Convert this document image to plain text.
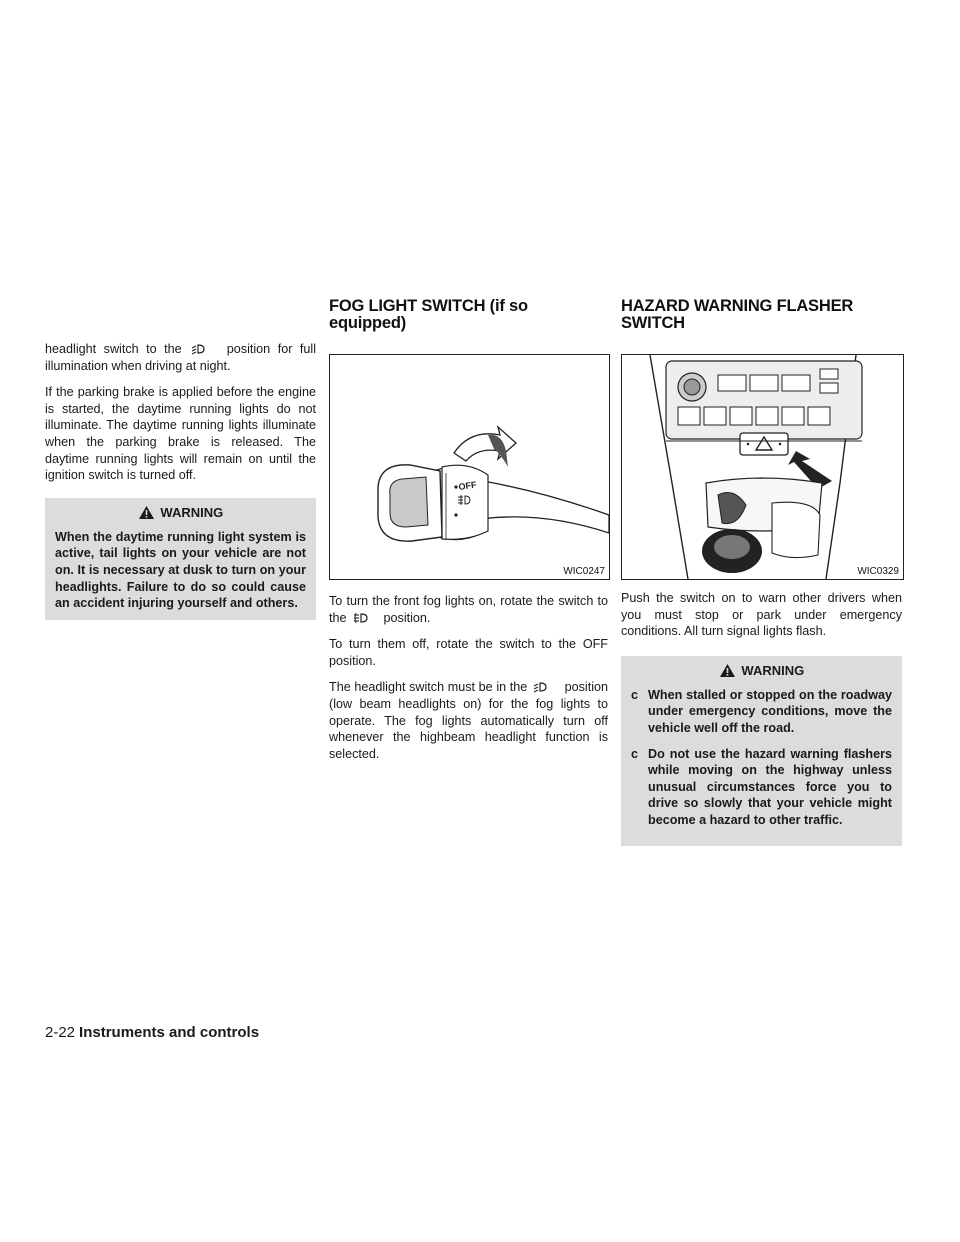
FOG LIGHT SWITCH (if so equipped)
HAZARD WARNING FLASHER SWITCH

headlight switch to the	position for full illumination when driving at night.

If the parking brake is applied before the engine is started, the daytime running lights do not illuminate. The daytime running lights illuminate when the parking brake is released. The daytime running lights will remain on until the ignition switch is turned off.

WARNING
When the daytime running light system is active, tail lights on your vehicle are not on. It is necessary at dusk to turn on your headlights. Failure to do so could cause an accident injuring yourself and others.
OFF
WIC0247

To turn the front fog lights on, rotate the switch to the	position.

To turn them off, rotate the switch to the OFF position.

The headlight switch must be in the	position (low beam headlights on) for the fog lights to operate. The fog lights automatically turn off whenever the highbeam headlight function is selected.

WIC0329

Push the switch on to warn other drivers when you must stop or park under emergency conditions. All turn signal lights flash.

WARNING
c When stalled or stopped on the roadway under emergency conditions, move the vehicle well off the road.
c Do not use the hazard warning flashers while moving on the highway unless unusual circumstances force you to drive so slowly that your vehicle might become a hazard to other traffic.
2-22 Instruments and controls
